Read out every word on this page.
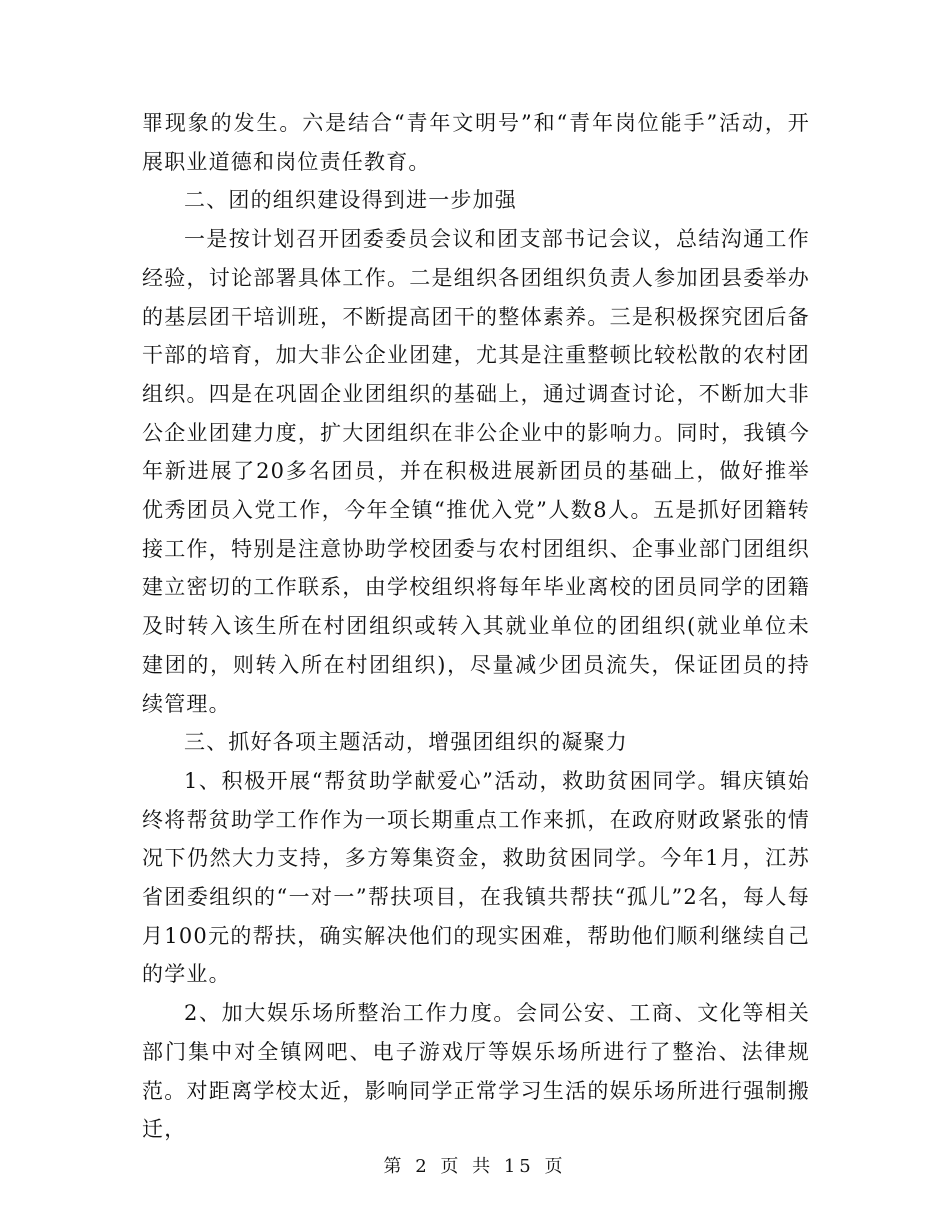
罪现象的发生。六是结合“青年文明号”和“青年岗位能手”活动，开展职业道德和岗位责任教育。

二、团的组织建设得到进一步加强

一是按计划召开团委委员会议和团支部书记会议，总结沟通工作经验，讨论部署具体工作。二是组织各团组织负责人参加团县委举办的基层团干培训班，不断提高团干的整体素养。三是积极探究团后备干部的培育，加大非公企业团建，尤其是注重整顿比较松散的农村团组织。四是在巩固企业团组织的基础上，通过调查讨论，不断加大非公企业团建力度，扩大团组织在非公企业中的影响力。同时，我镇今年新进展了20多名团员，并在积极进展新团员的基础上，做好推举优秀团员入党工作，今年全镇“推优入党”人数8人。五是抓好团籍转接工作，特别是注意协助学校团委与农村团组织、企事业部门团组织建立密切的工作联系，由学校组织将每年毕业离校的团员同学的团籍及时转入该生所在村团组织或转入其就业单位的团组织(就业单位未建团的，则转入所在村团组织)，尽量减少团员流失，保证团员的持续管理。

三、抓好各项主题活动，增强团组织的凝聚力

1、积极开展“帮贫助学献爱心”活动，救助贫困同学。辑庆镇始终将帮贫助学工作作为一项长期重点工作来抓，在政府财政紧张的情况下仍然大力支持，多方筹集资金，救助贫困同学。今年1月，江苏省团委组织的“一对一”帮扶项目，在我镇共帮扶“孤儿”2名，每人每月100元的帮扶，确实解决他们的现实困难，帮助他们顺利继续自己的学业。

2、加大娱乐场所整治工作力度。会同公安、工商、文化等相关部门集中对全镇网吧、电子游戏厅等娱乐场所进行了整治、法律规范。对距离学校太近，影响同学正常学习生活的娱乐场所进行强制搬迁，

第 2 页 共 15 页
